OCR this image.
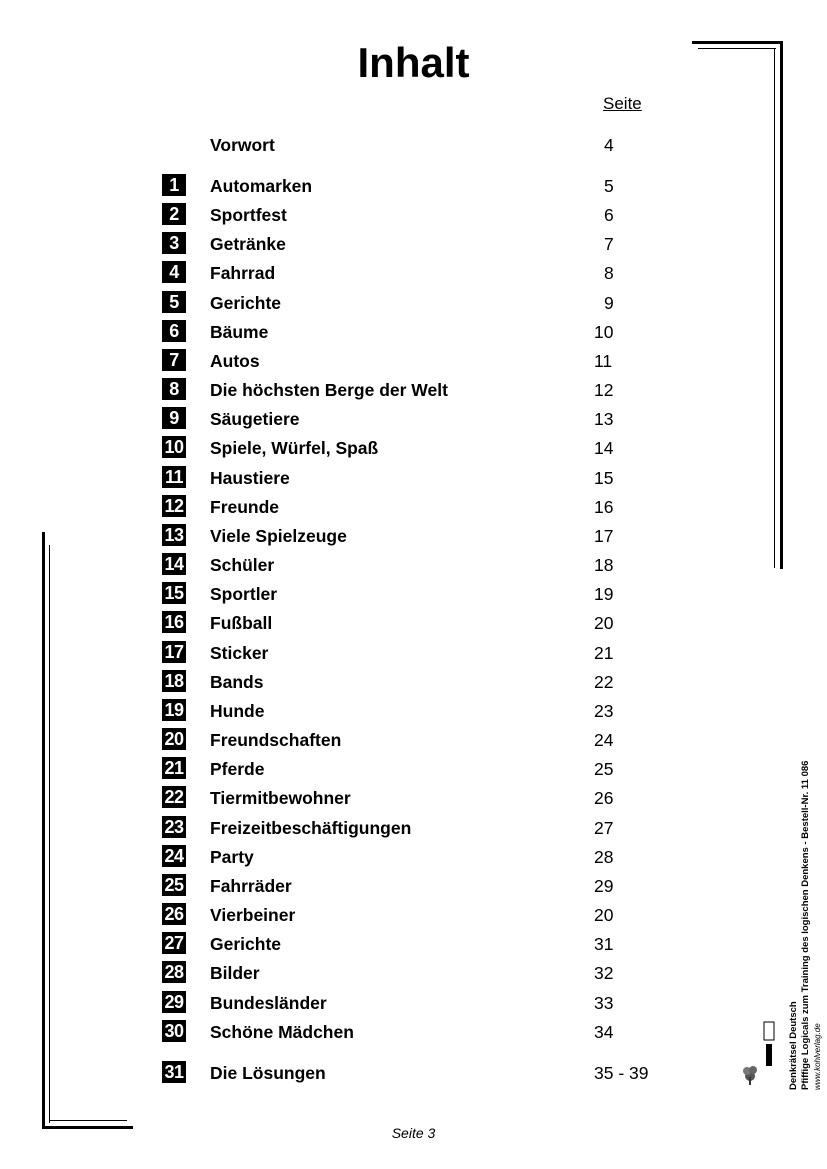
Inhalt
Seite
Vorwort	4
1	Automarken	5
2	Sportfest	6
3	Getränke	7
4	Fahrrad	8
5	Gerichte	9
6	Bäume	10
7	Autos	11
8	Die höchsten Berge der Welt	12
9	Säugetiere	13
10 Spiele, Würfel, Spaß	14
11 Haustiere	15
12 Freunde	16
13 Viele Spielzeuge	17
14 Schüler	18
15 Sportler	19
16 Fußball	20
17 Sticker	21
18 Bands	22
19 Hunde	23
20 Freundschaften	24
21 Pferde	25
22 Tiermitbewohner	26
23 Freizeitbeschäftigungen	27
24 Party	28
25 Fahrräder	29
26 Vierbeiner	20
27 Gerichte	31
28 Bilder	32
29 Bundesländer	33
30 Schöne Mädchen	34
31 Die Lösungen	35 - 39
Seite 3
Denkrätsel Deutsch Pfiffige Logicals zum Training des logischen Denkens - Bestell-Nr. 11 086 www.kohlverlag.de
